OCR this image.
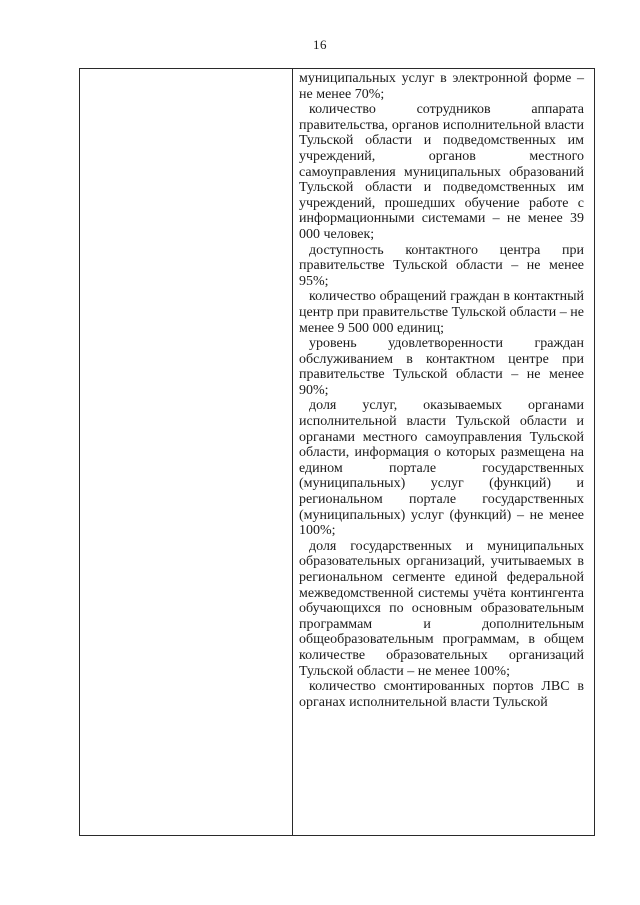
16

муниципальных услуг в электронной форме – не менее 70%;

количество сотрудников аппарата правительства, органов исполнительной власти Тульской области и подведомственных им учреждений, органов местного самоуправления муниципальных образований Тульской области и подведомственных им учреждений, прошедших обучение работе с информационными системами – не менее 39 000 человек;

доступность контактного центра при правительстве Тульской области – не менее 95%;

количество обращений граждан в контактный центр при правительстве Тульской области – не менее 9 500 000 единиц;

уровень удовлетворенности граждан обслуживанием в контактном центре при правительстве Тульской области – не менее 90%;

доля услуг, оказываемых органами исполнительной власти Тульской области и органами местного самоуправления Тульской области, информация о которых размещена на едином портале государственных (муниципальных) услуг (функций) и региональном портале государственных (муниципальных) услуг (функций) – не менее 100%;

доля государственных и муниципальных образовательных организаций, учитываемых в региональном сегменте единой федеральной межведомственной системы учёта контингента обучающихся по основным образовательным программам и дополнительным общеобразовательным программам, в общем количестве образовательных организаций Тульской области – не менее 100%;

количество смонтированных портов ЛВС в органах исполнительной власти Тульской
